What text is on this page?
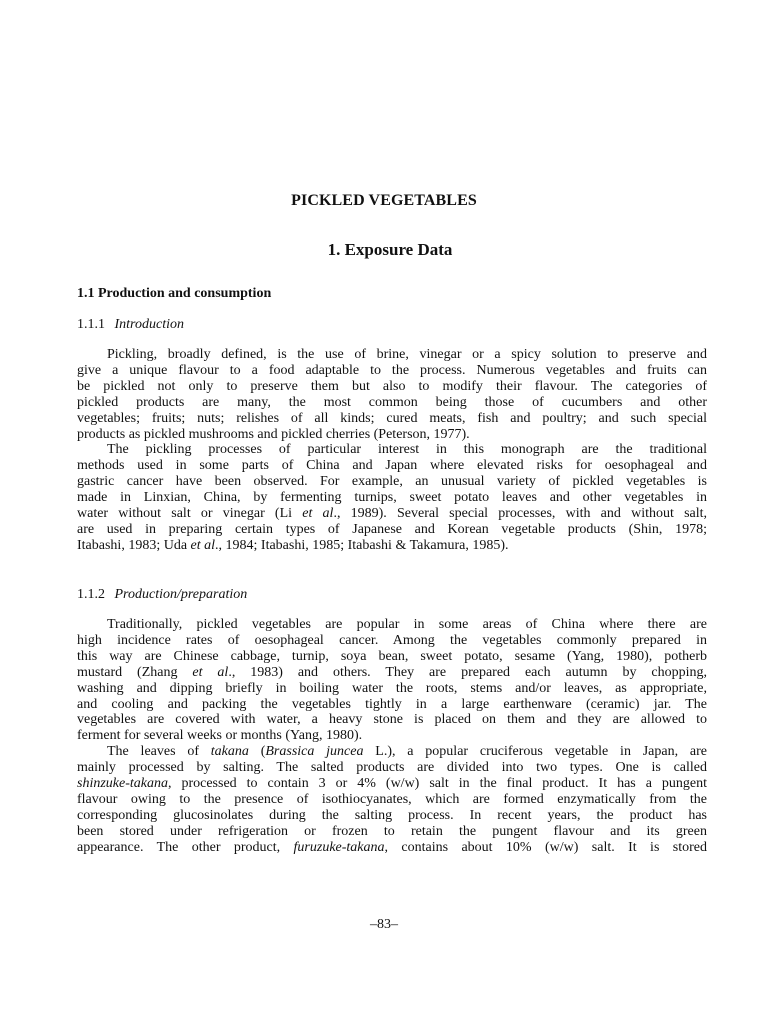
PICKLED VEGETABLES
1. Exposure Data
1.1 Production and consumption
1.1.1 Introduction
Pickling, broadly defined, is the use of brine, vinegar or a spicy solution to preserve and
give a unique flavour to a food adaptable to the process. Numerous vegetables and fruits can
be pickled not only to preserve them but also to modify their flavour. The categories of
pickled products are many, the most common being those of cucumbers and other
vegetables; fruits; nuts; relishes of all kinds; cured meats, fish and poultry; and such special
products as pickled mushrooms and pickled cherries (Peterson, 1977).
The pickling processes of particular interest in this monograph are the traditional
methods used in some parts of China and Japan where elevated risks for oesophageal and
gastric cancer have been observed. For example, an unusual variety of pickled vegetables is
made in Linxian, China, by fermenting turnips, sweet potato leaves and other vegetables in
water without salt or vinegar (Li et al., 1989). Several special processes, with and without salt,
are used in preparing certain types of Japanese and Korean vegetable products (Shin, 1978;
Itabashi, 1983; Uda et al., 1984; Itabashi, 1985; Itabashi & Takamura, 1985).
1.1.2 Production/preparation
Traditionally, pickled vegetables are popular in some areas of China where there are
high incidence rates of oesophageal cancer. Among the vegetables commonly prepared in
this way are Chinese cabbage, turnip, soya bean, sweet potato, sesame (Yang, 1980), potherb
mustard (Zhang et al., 1983) and others. They are prepared each autumn by chopping,
washing and dipping briefly in boiling water the roots, stems and/or leaves, as appropriate,
and cooling and packing the vegetables tightly in a large earthenware (ceramic) jar. The
vegetables are covered with water, a heavy stone is placed on them and they are allowed to
ferment for several weeks or months (Yang, 1980).
The leaves of takana (Brassica juncea L.), a popular cruciferous vegetable in Japan, are
mainly processed by salting. The salted products are divided into two types. One is called
shinzuke-takana, processed to contain 3 or 4% (w/w) salt in the final product. It has a pungent
flavour owing to the presence of isothiocyanates, which are formed enzymatically from the
corresponding glucosinolates during the salting process. In recent years, the product has
been stored under refrigeration or frozen to retain the pungent flavour and its green
appearance. The other product, furuzuke-takana, contains about 10% (w/w) salt. It is stored
–83–
